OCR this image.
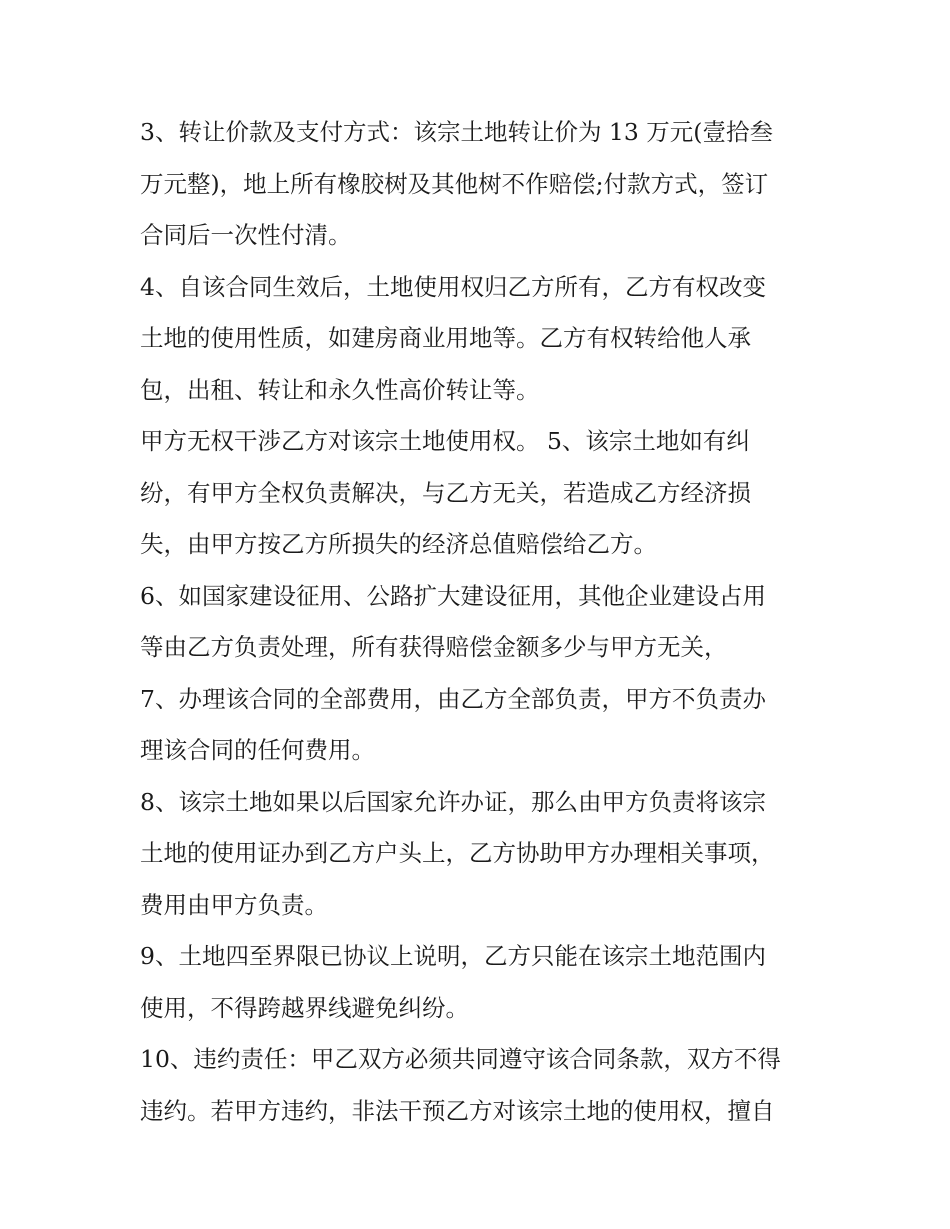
3、转让价款及支付方式：该宗土地转让价为 13 万元(壹拾叁
万元整)，地上所有橡胶树及其他树不作赔偿;付款方式，签订
合同后一次性付清。
4、自该合同生效后，土地使用权归乙方所有，乙方有权改变
土地的使用性质，如建房商业用地等。乙方有权转给他人承
包，出租、转让和永久性高价转让等。
甲方无权干涉乙方对该宗土地使用权。 5、该宗土地如有纠
纷，有甲方全权负责解决，与乙方无关，若造成乙方经济损
失，由甲方按乙方所损失的经济总值赔偿给乙方。
6、如国家建设征用、公路扩大建设征用，其他企业建设占用
等由乙方负责处理，所有获得赔偿金额多少与甲方无关，
7、办理该合同的全部费用，由乙方全部负责，甲方不负责办
理该合同的任何费用。
8、该宗土地如果以后国家允许办证，那么由甲方负责将该宗
土地的使用证办到乙方户头上，乙方协助甲方办理相关事项，
费用由甲方负责。
9、土地四至界限已协议上说明，乙方只能在该宗土地范围内
使用，不得跨越界线避免纠纷。
10、违约责任：甲乙双方必须共同遵守该合同条款，双方不得
违约。若甲方违约，非法干预乙方对该宗土地的使用权，擅自
